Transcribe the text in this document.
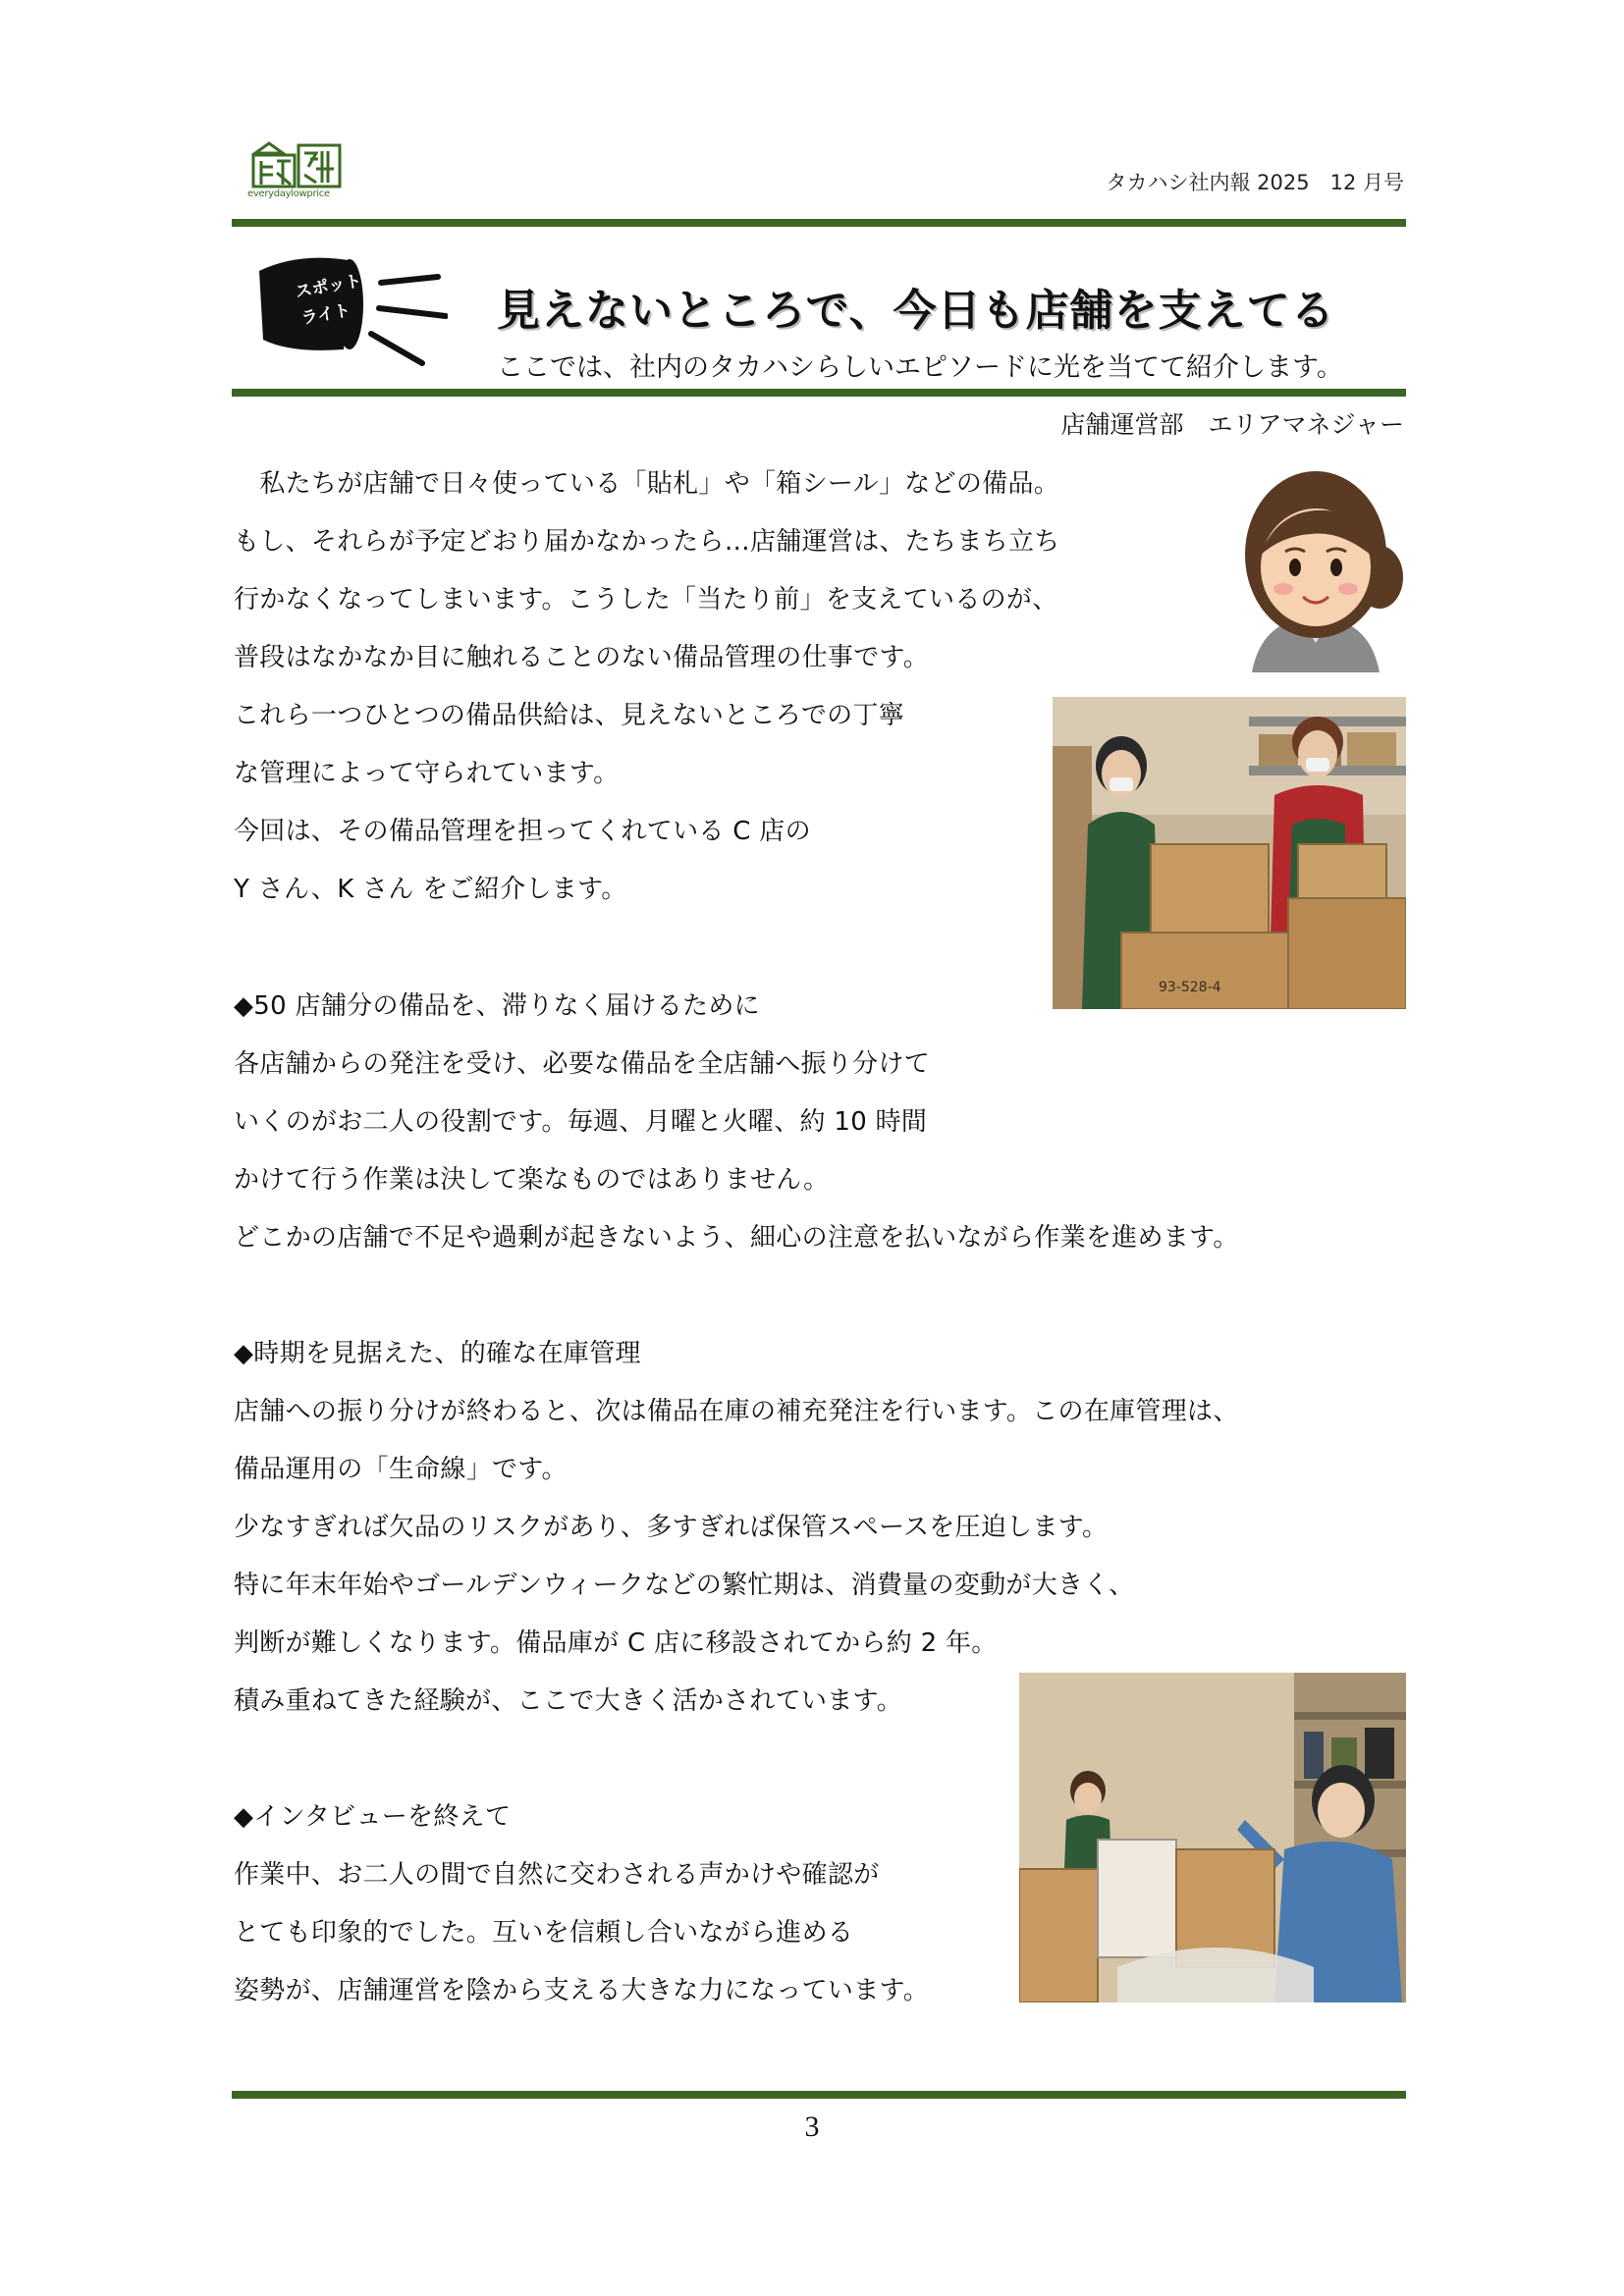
everydaylowprice	タカハシ社内報 2025　12 月号
スポット
ライト	見えないところで、今日も店舗を支えてる
ここでは、社内のタカハシらしいエピソードに光を当てて紹介します。
店舗運営部　エリアマネジャー
　私たちが店舗で日々使っている「貼札」や「箱シール」などの備品。
もし、それらが予定どおり届かなかったら…店舗運営は、たちまち立ち
行かなくなってしまいます。こうした「当たり前」を支えているのが、
普段はなかなか目に触れることのない備品管理の仕事です。
これら一つひとつの備品供給は、見えないところでの丁寧
な管理によって守られています。
今回は、その備品管理を担ってくれている C 店の
Y さん、K さん をご紹介します。
◆50 店舗分の備品を、滞りなく届けるために
各店舗からの発注を受け、必要な備品を全店舗へ振り分けて
いくのがお二人の役割です。毎週、月曜と火曜、約 10 時間
かけて行う作業は決して楽なものではありません。
どこかの店舗で不足や過剰が起きないよう、細心の注意を払いながら作業を進めます。
◆時期を見据えた、的確な在庫管理
店舗への振り分けが終わると、次は備品在庫の補充発注を行います。この在庫管理は、
備品運用の「生命線」です。
少なすぎれば欠品のリスクがあり、多すぎれば保管スペースを圧迫します。
特に年末年始やゴールデンウィークなどの繁忙期は、消費量の変動が大きく、
判断が難しくなります。備品庫が C 店に移設されてから約 2 年。
積み重ねてきた経験が、ここで大きく活かされています。
◆インタビューを終えて
作業中、お二人の間で自然に交わされる声かけや確認が
とても印象的でした。互いを信頼し合いながら進める
姿勢が、店舗運営を陰から支える大きな力になっています。
93-528-4
3
